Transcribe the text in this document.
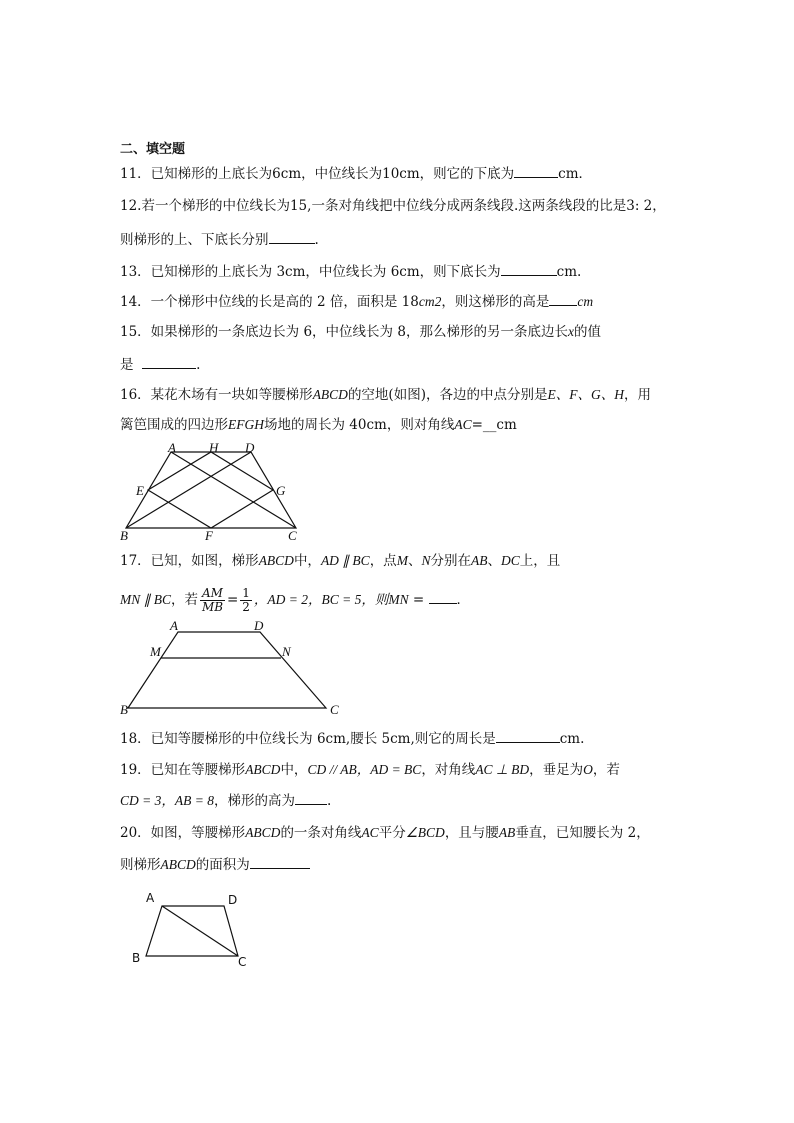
二、填空题
11．已知梯形的上底长为6cm，中位线长为10cm，则它的下底为	cm．
12.若一个梯形的中位线长为15,一条对角线把中位线分成两条线段.这两条线段的比是3: 2，
则梯形的上、下底长分别	.
13．已知梯形的上底长为 3cm，中位线长为 6cm，则下底长为	cm.
14．一个梯形中位线的长是高的 2 倍，面积是 18cm2，则这梯形的高是 cm
15．如果梯形的一条底边长为 6，中位线长为 8，那么梯形的另一条底边长x的值
是	.
16．某花木场有一块如等腰梯形ABCD的空地(如图)，各边的中点分别是E、F、G、H，用
篱笆围成的四边形EFGH场地的周长为 40cm，则对角线AC=__cm
A	H D
E	G
B	F	C
17．已知，如图，梯形ABCD中，AD ∥ BC，点M、N分别在AB、DC上，且
MN ∥ BC，若 $\frac{AM}{MB} = \frac{1}{2}$ ，AD = 2，BC = 5，则MN = ．
A	D
M	N
B	C
18．已知等腰梯形的中位线长为 6cm,腰长 5cm,则它的周长是	cm.
19．已知在等腰梯形ABCD中，CD // AB，AD = BC，对角线AC ⊥ BD，垂足为O，若
CD = 3，AB = 8，梯形的高为 .
20．如图，等腰梯形ABCD的一条对角线AC平分∠BCD，且与腰AB垂直，已知腰长为 2，
则梯形ABCD的面积为
A	D
B	C
